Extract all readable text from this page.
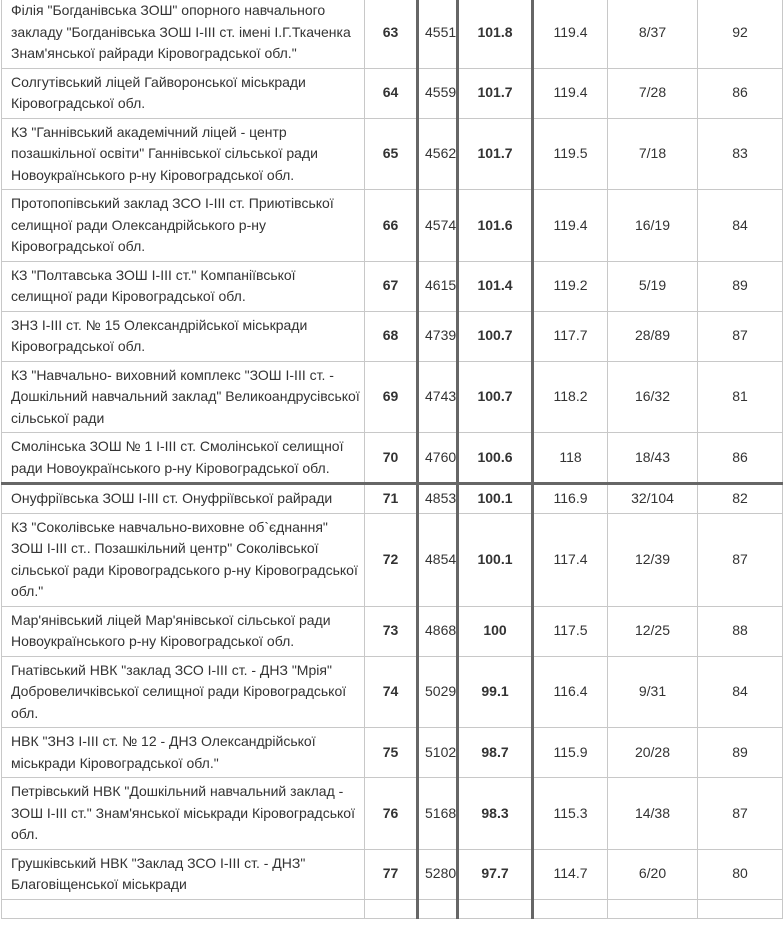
Філія "Богданівська ЗОШ" опорного навчального закладу "Богданівська ЗОШ І-ІІІ ст. імені І.Г.Ткаченка Знам'янської райради Кіровоградської обл."	63	4551	101.8	119.4	8/37	92
Солгутівський ліцей Гайворонської міськради Кіровоградської обл.	64	4559	101.7	119.4	7/28	86
КЗ "Ганнівський академічний ліцей - центр позашкільної освіти" Ганнівської сільської ради Новоукраїнського р-ну Кіровоградської обл.	65	4562	101.7	119.5	7/18	83
Протопопівський заклад ЗСО І-ІІІ ст. Приютівської селищної ради Олександрійського р-ну Кіровоградської обл.	66	4574	101.6	119.4	16/19	84
КЗ "Полтавська ЗОШ І-ІІІ ст." Компаніївської селищної ради Кіровоградської обл.	67	4615	101.4	119.2	5/19	89
ЗНЗ І-ІІІ ст. № 15 Олександрійської міськради Кіровоградської обл.	68	4739	100.7	117.7	28/89	87
КЗ "Навчально- виховний комплекс "ЗОШ І-ІІІ ст. - Дошкільний навчальний заклад" Великоандрусівської сільської ради	69	4743	100.7	118.2	16/32	81
Смолінська ЗОШ № 1 І-ІІІ ст. Смолінської селищної ради Новоукраїнського р-ну Кіровоградської обл.	70	4760	100.6	118	18/43	86
Онуфріївська ЗОШ І-ІІІ ст. Онуфріївської райради	71	4853	100.1	116.9	32/104	82
КЗ "Соколівське навчально-виховне об`єднання" ЗОШ І-ІІІ ст.. Позашкільний центр" Соколівської сільської ради Кіровоградського р-ну Кіровоградської обл."	72	4854	100.1	117.4	12/39	87
Мар'янівський ліцей Мар'янівської сільської ради Новоукраїнського р-ну Кіровоградської обл.	73	4868	100	117.5	12/25	88
Гнатівський НВК "заклад ЗСО І-ІІІ ст. - ДНЗ "Мрія" Добровеличківської селищної ради Кіровоградської обл.	74	5029	99.1	116.4	9/31	84
НВК "ЗНЗ І-ІІІ ст. № 12 - ДНЗ Олександрійської міськради Кіровоградської обл."	75	5102	98.7	115.9	20/28	89
Петрівський НВК "Дошкільний навчальний заклад - ЗОШ І-ІІІ ст." Знам'янської міськради Кіровоградської обл.	76	5168	98.3	115.3	14/38	87
Грушківський НВК "Заклад ЗСО І-ІІІ ст. - ДНЗ" Благовіщенської міськради	77	5280	97.7	114.7	6/20	80
